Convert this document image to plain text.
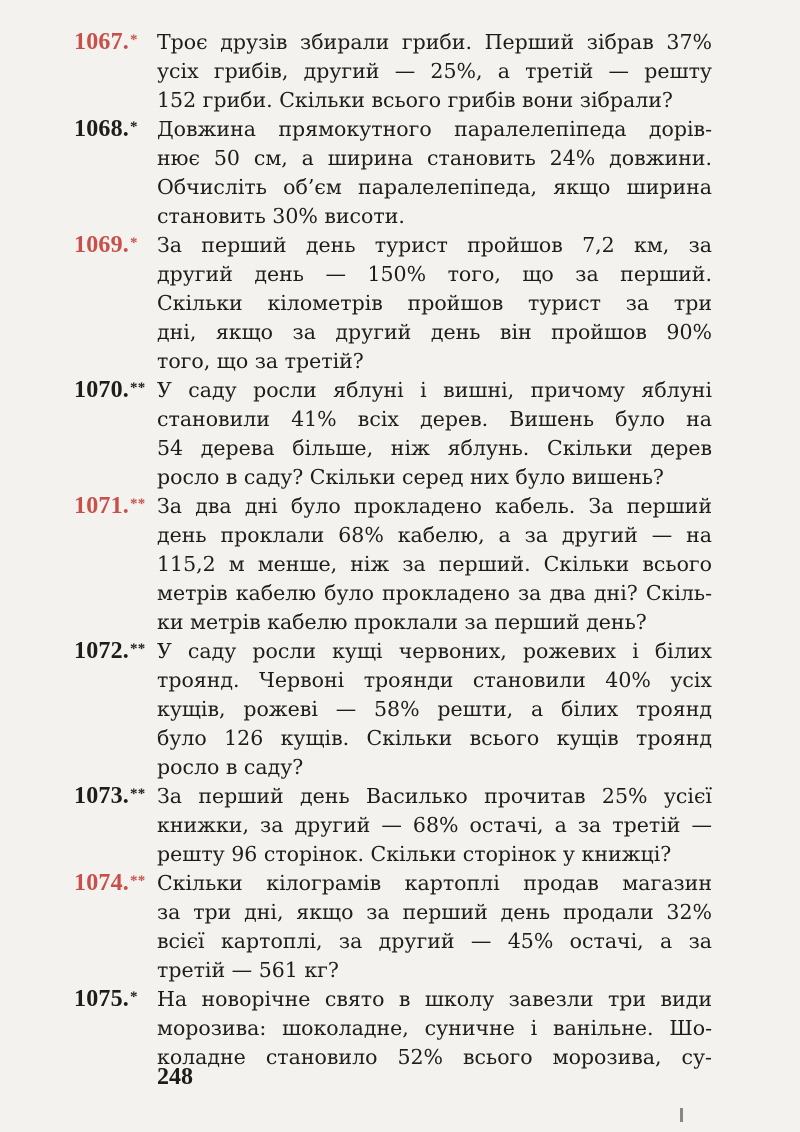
1067.* Троє друзів збирали гриби. Перший зібрав 37%
усіх грибів, другий — 25%, а третій — решту
152 гриби. Скільки всього грибів вони зібрали?
1068.* Довжина прямокутного паралелепіпеда дорів-
нює 50 см, а ширина становить 24% довжини.
Обчисліть об’єм паралелепіпеда, якщо ширина
становить 30% висоти.
1069.* За перший день турист пройшов 7,2 км, за
другий день — 150% того, що за перший.
Скільки кілометрів пройшов турист за три
дні, якщо за другий день він пройшов 90%
того, що за третій?
1070.** У саду росли яблуні і вишні, причому яблуні
становили 41% всіх дерев. Вишень було на
54 дерева більше, ніж яблунь. Скільки дерев
росло в саду? Скільки серед них було вишень?
1071.** За два дні було прокладено кабель. За перший
день проклали 68% кабелю, а за другий — на
115,2 м менше, ніж за перший. Скільки всього
метрів кабелю було прокладено за два дні? Скіль-
ки метрів кабелю проклали за перший день?
1072.** У саду росли кущі червоних, рожевих і білих
троянд. Червоні троянди становили 40% усіх
кущів, рожеві — 58% решти, а білих троянд
було 126 кущів. Скільки всього кущів троянд
росло в саду?
1073.** За перший день Василько прочитав 25% усієї
книжки, за другий — 68% остачі, а за третій —
решту 96 сторінок. Скільки сторінок у книжці?
1074.** Скільки кілограмів картоплі продав магазин
за три дні, якщо за перший день продали 32%
всієї картоплі, за другий — 45% остачі, а за
третій — 561 кг?
1075.* На новорічне свято в школу завезли три види
морозива: шоколадне, суничне і ванільне. Шо-
коладне становило 52% всього морозива, су-
248
